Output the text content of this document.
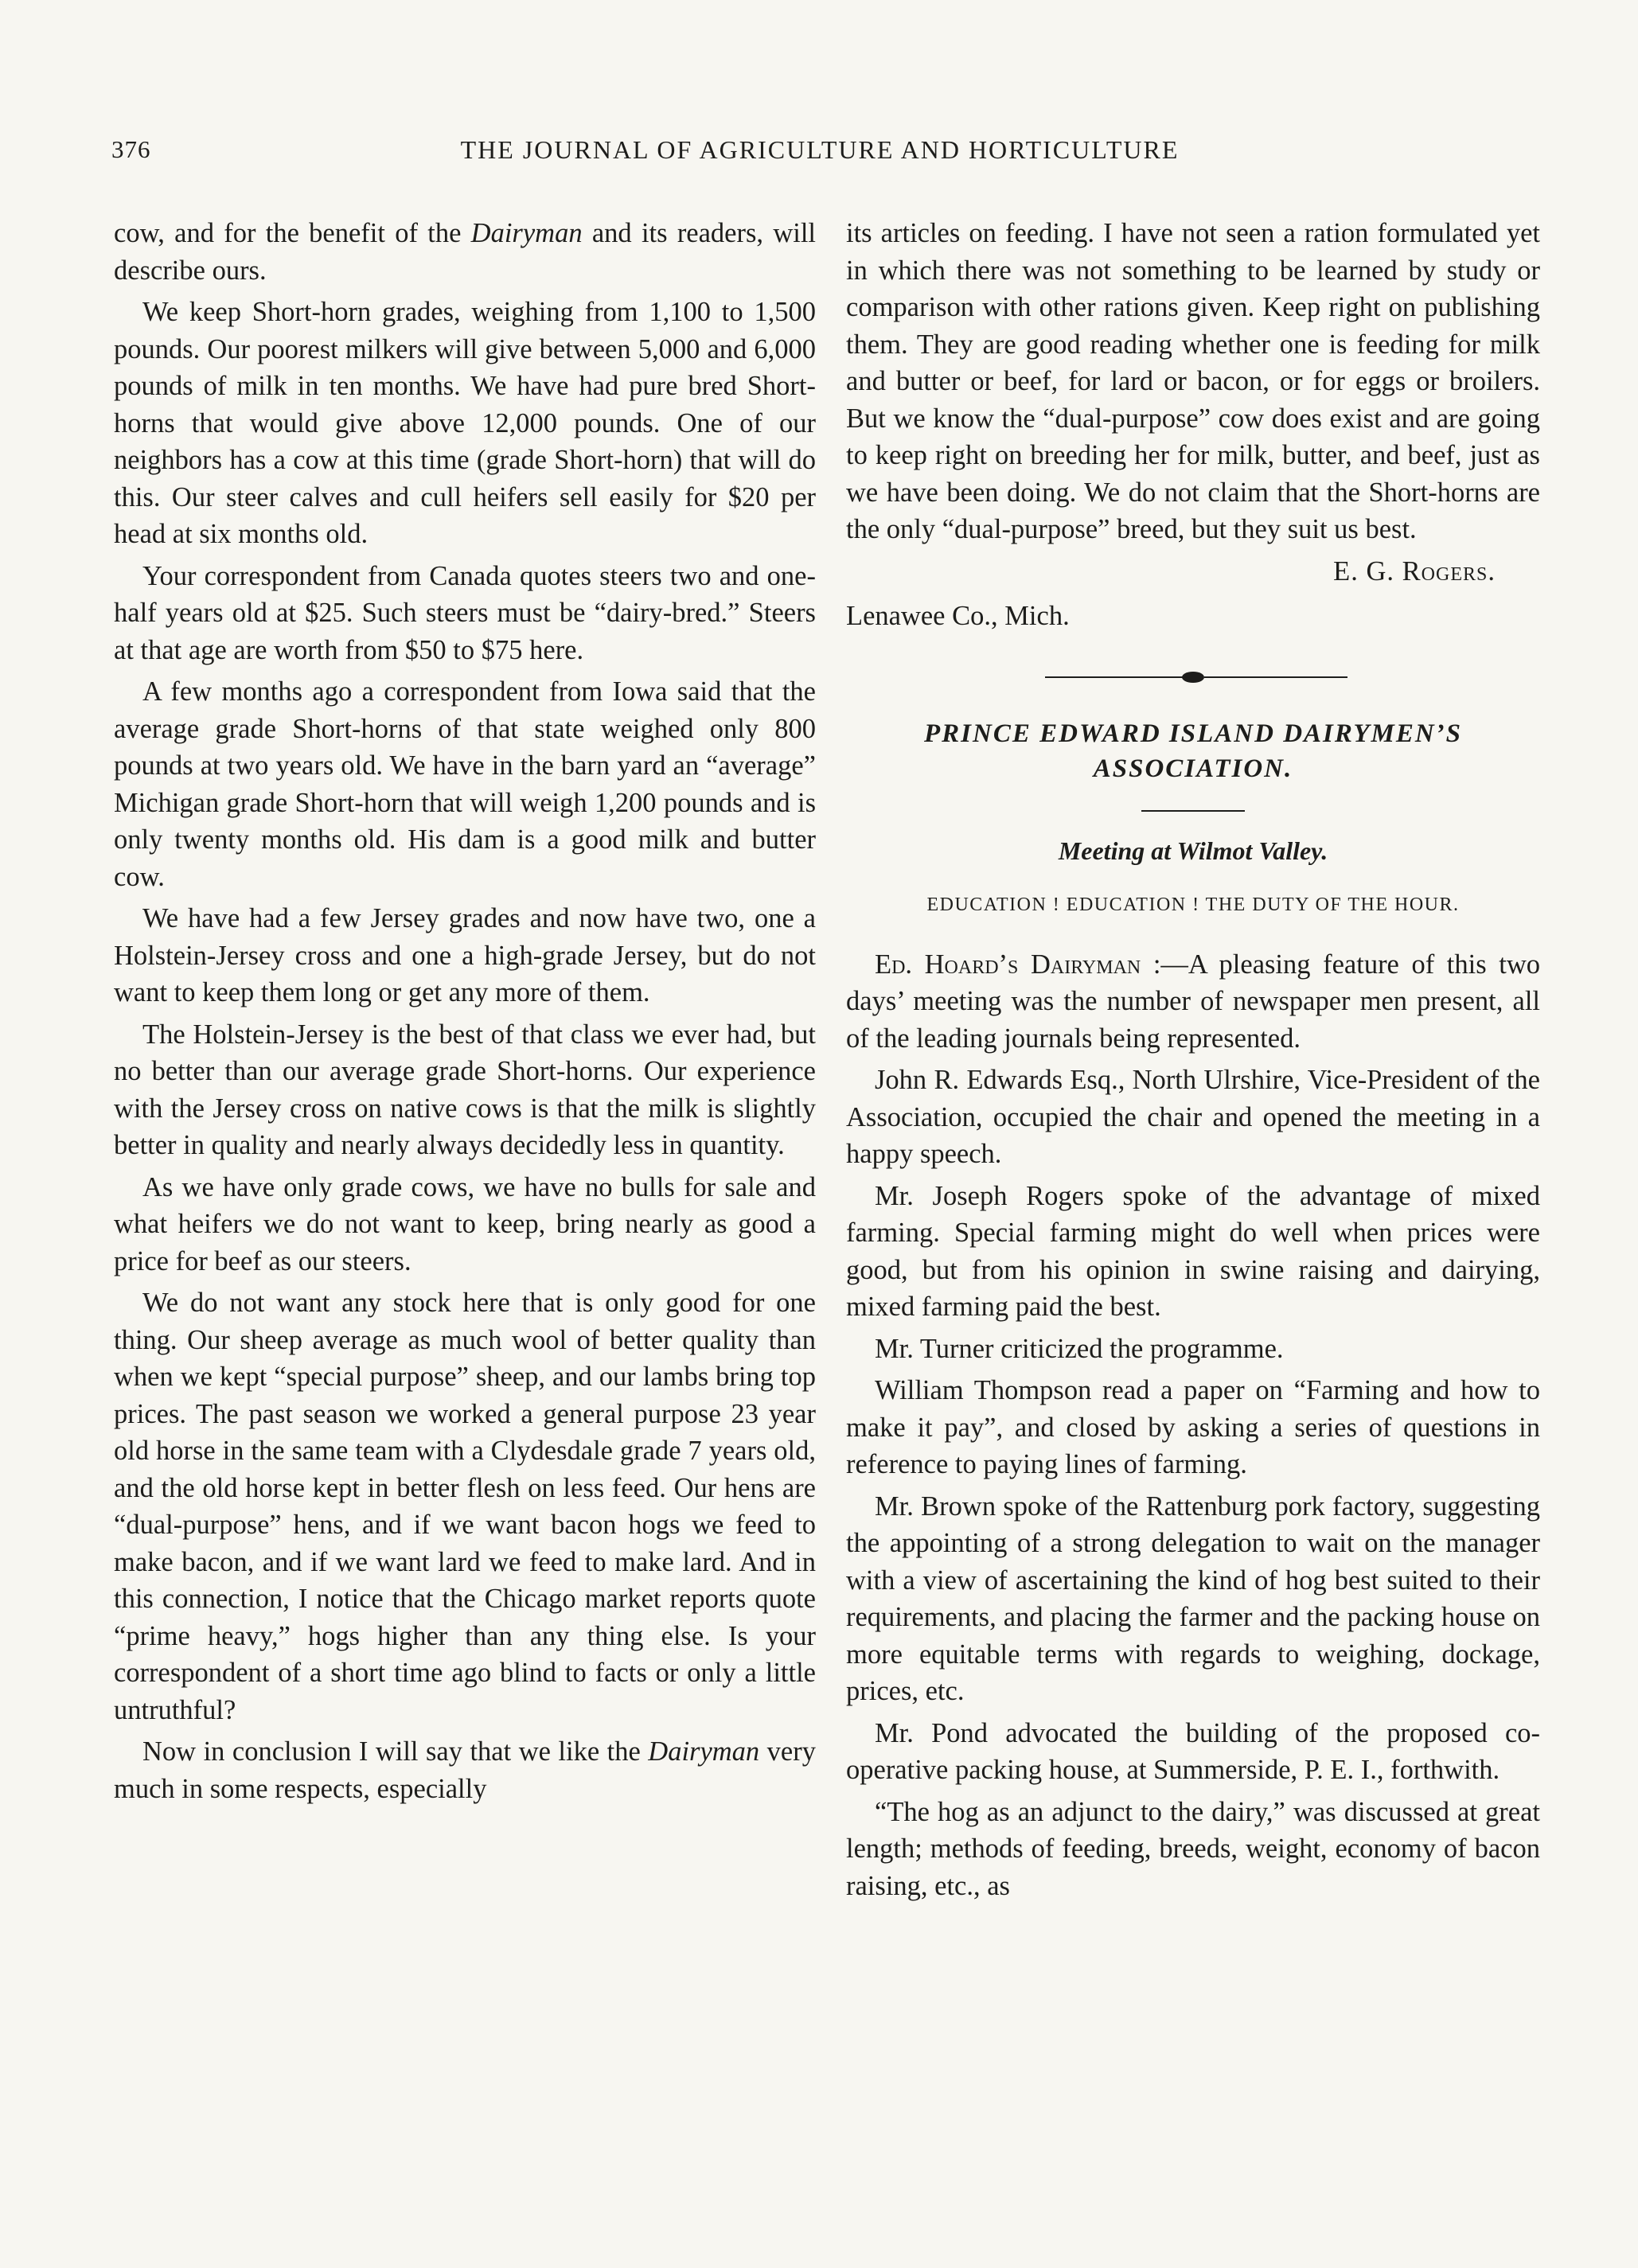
376	THE JOURNAL OF AGRICULTURE AND HORTICULTURE

cow, and for the benefit of the Dairyman and its readers, will describe ours.

We keep Short-horn grades, weighing from 1,100 to 1,500 pounds. Our poorest milkers will give between 5,000 and 6,000 pounds of milk in ten months. We have had pure bred Short-horns that would give above 12,000 pounds. One of our neighbors has a cow at this time (grade Short-horn) that will do this. Our steer calves and cull heifers sell easily for $20 per head at six months old.

Your correspondent from Canada quotes steers two and one-half years old at $25. Such steers must be “dairy-bred.” Steers at that age are worth from $50 to $75 here.

A few months ago a correspondent from Iowa said that the average grade Short-horns of that state weighed only 800 pounds at two years old. We have in the barn yard an “average” Michigan grade Short-horn that will weigh 1,200 pounds and is only twenty months old. His dam is a good milk and butter cow.

We have had a few Jersey grades and now have two, one a Holstein-Jersey cross and one a high-grade Jersey, but do not want to keep them long or get any more of them.

The Holstein-Jersey is the best of that class we ever had, but no better than our average grade Short-horns. Our experience with the Jersey cross on native cows is that the milk is slightly better in quality and nearly always decidedly less in quantity.

As we have only grade cows, we have no bulls for sale and what heifers we do not want to keep, bring nearly as good a price for beef as our steers.

We do not want any stock here that is only good for one thing. Our sheep average as much wool of better quality than when we kept “special purpose” sheep, and our lambs bring top prices. The past season we worked a general purpose 23 year old horse in the same team with a Clydesdale grade 7 years old, and the old horse kept in better flesh on less feed. Our hens are “dual-purpose” hens, and if we want bacon hogs we feed to make bacon, and if we want lard we feed to make lard. And in this connection, I notice that the Chicago market reports quote “prime heavy,” hogs higher than any thing else. Is your correspondent of a short time ago blind to facts or only a little untruthful?

Now in conclusion I will say that we like the Dairyman very much in some respects, especially

its articles on feeding. I have not seen a ration formulated yet in which there was not something to be learned by study or comparison with other rations given. Keep right on publishing them. They are good reading whether one is feeding for milk and butter or beef, for lard or bacon, or for eggs or broilers. But we know the “dual-purpose” cow does exist and are going to keep right on breeding her for milk, butter, and beef, just as we have been doing. We do not claim that the Short-horns are the only “dual-purpose” breed, but they suit us best.

E. G. Rogers.
Lenawee Co., Mich.

PRINCE EDWARD ISLAND DAIRYMEN’S
ASSOCIATION.

Meeting at Wilmot Valley.

EDUCATION ! EDUCATION ! THE DUTY OF THE HOUR.

Ed. Hoard’s Dairyman :—A pleasing feature of this two days’ meeting was the number of newspaper men present, all of the leading journals being represented.

John R. Edwards Esq., North Ulrshire, Vice-President of the Association, occupied the chair and opened the meeting in a happy speech.

Mr. Joseph Rogers spoke of the advantage of mixed farming. Special farming might do well when prices were good, but from his opinion in swine raising and dairying, mixed farming paid the best.

Mr. Turner criticized the programme.

William Thompson read a paper on “Farming and how to make it pay”, and closed by asking a series of questions in reference to paying lines of farming.

Mr. Brown spoke of the Rattenburg pork factory, suggesting the appointing of a strong delegation to wait on the manager with a view of ascertaining the kind of hog best suited to their requirements, and placing the farmer and the packing house on more equitable terms with regards to weighing, dockage, prices, etc.

Mr. Pond advocated the building of the proposed co-operative packing house, at Summerside, P. E. I., forthwith.

“The hog as an adjunct to the dairy,” was discussed at great length; methods of feeding, breeds, weight, economy of bacon raising, etc., as
